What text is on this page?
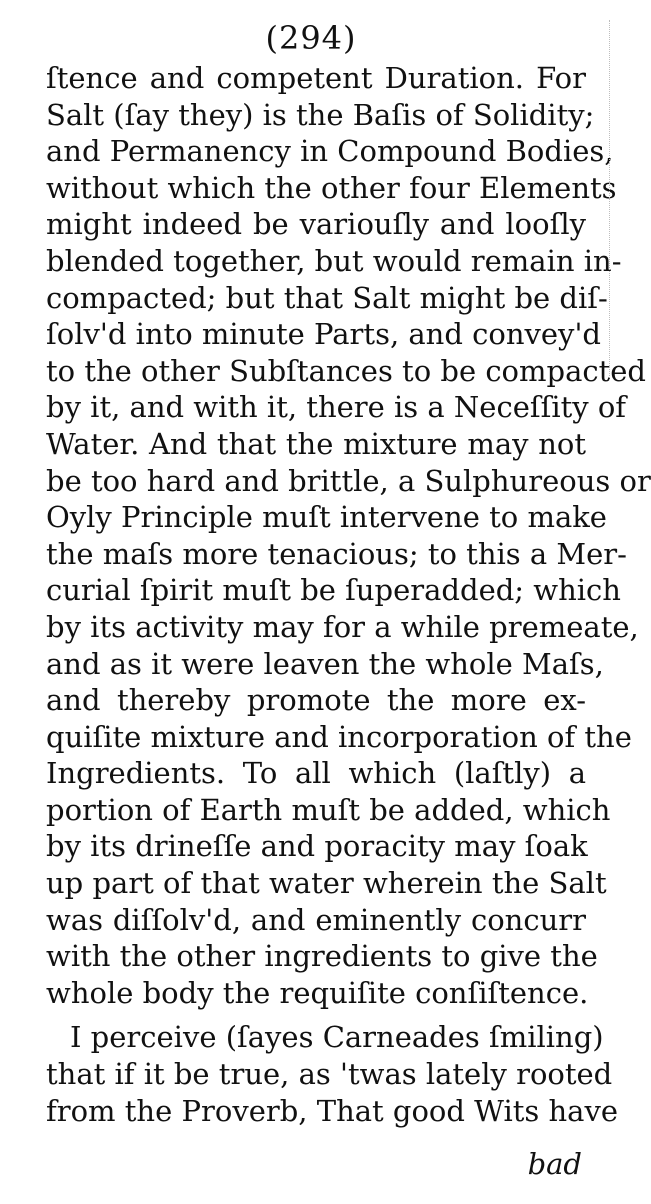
(294)
ſtence and competent Duration. For
Salt (ſay they) is the Baſis of Solidity;
and Permanency in Compound Bodies,
without which the other four Elements
might indeed be variouſly and looſly
blended together, but would remain in-
compacted; but that Salt might be diſ-
ſolv'd into minute Parts, and convey'd
to the other Subſtances to be compacted
by it, and with it, there is a Neceſſity of
Water. And that the mixture may not
be too hard and brittle, a Sulphureous or
Oyly Principle muſt intervene to make
the maſs more tenacious; to this a Mer-
curial ſpirit muſt be ſuperadded; which
by its activity may for a while premeate,
and as it were leaven the whole Maſs,
and thereby promote the more ex-
quiſite mixture and incorporation of the
Ingredients. To all which (laſtly) a
portion of Earth muſt be added, which
by its drineſſe and poracity may ſoak
up part of that water wherein the Salt
was diſſolv'd, and eminently concurr
with the other ingredients to give the
whole body the requiſite conſiſtence.
I perceive (ſayes Carneades ſmiling)
that if it be true, as 'twas lately rooted
from the Proverb, That good Wits have
bad
